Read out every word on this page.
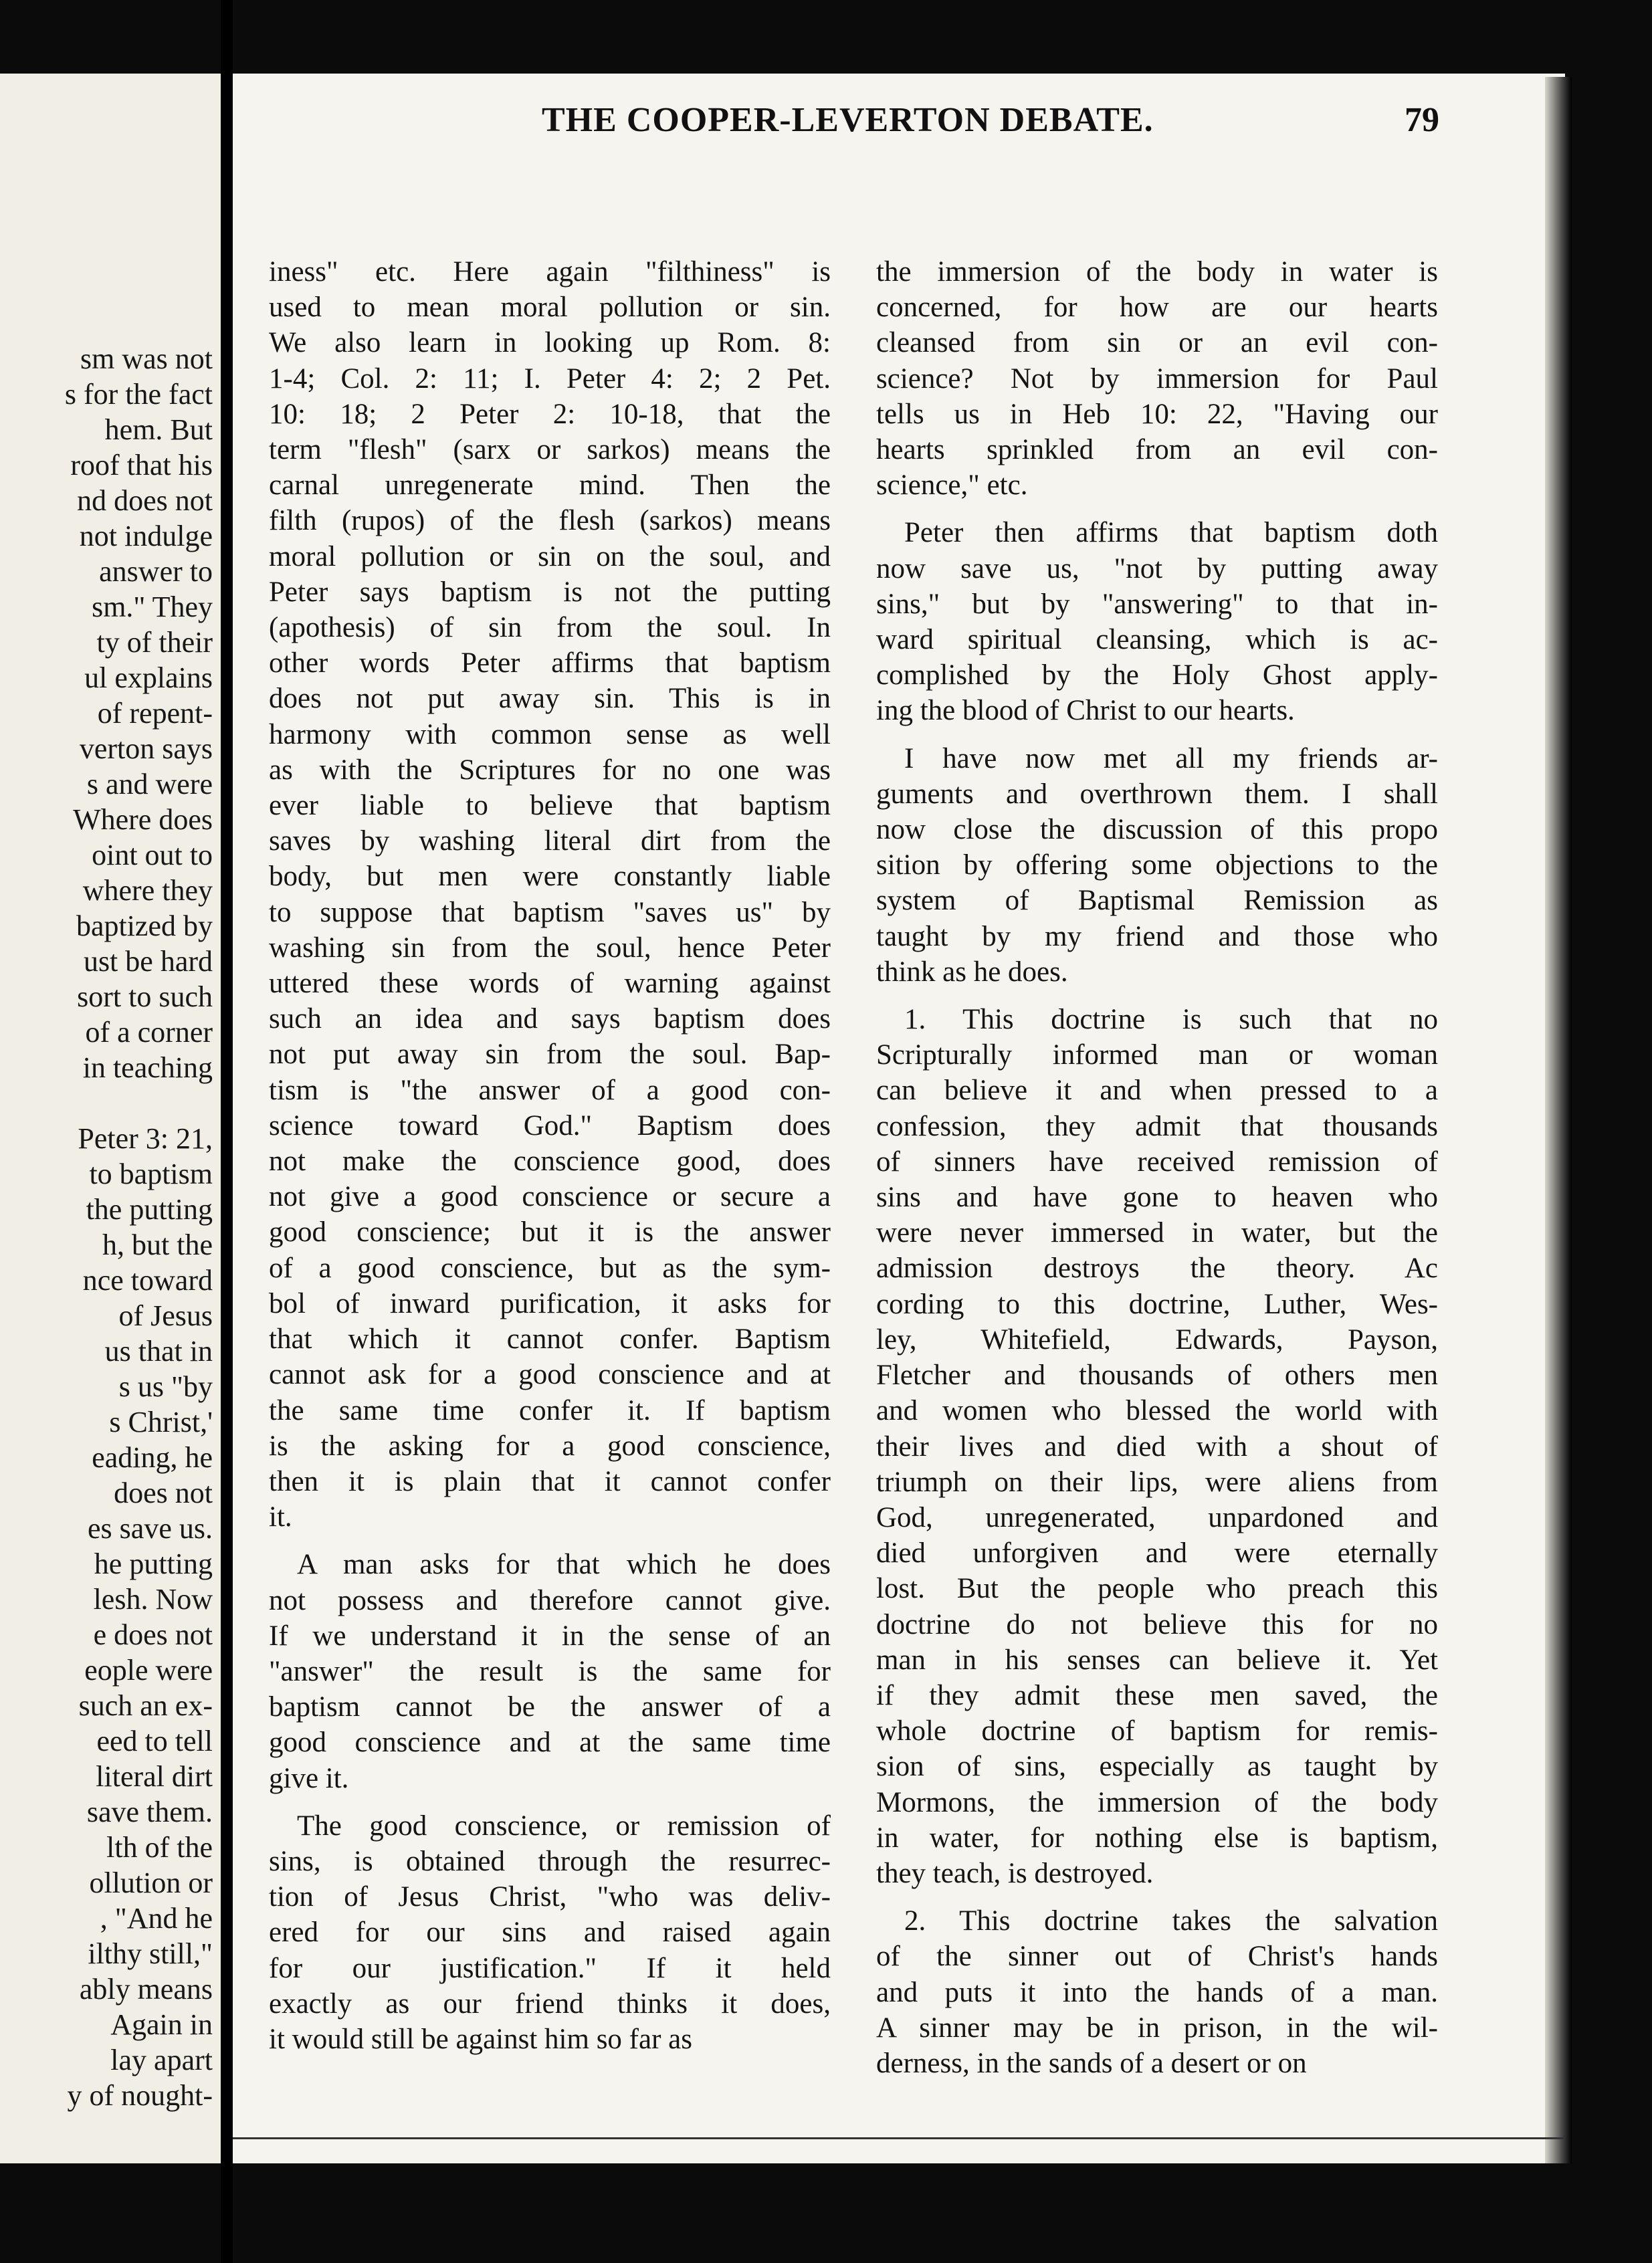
sm was not
s for the fact
hem. But
roof that his
nd does not
not indulge
answer to
sm." They
ty of their
ul explains
of repent-
verton says
s and were
Where does
oint out to
where they
baptized by
ust be hard
sort to such
of a corner
in teaching
Peter 3: 21,
to baptism
the putting
h, but the
nce toward
of Jesus
us that in
s us "by
s Christ,'
eading, he
does not
es save us.
he putting
lesh. Now
e does not
eople were
such an ex-
eed to tell
literal dirt
save them.
lth of the
ollution or
, "And he
ilthy still,"
ably means
Again in
lay apart
y of nought-
THE COOPER-LEVERTON DEBATE.	79

iness" etc. Here again "filthiness" is
used to mean moral pollution or sin.
We also learn in looking up Rom. 8:
1-4; Col. 2: 11; I. Peter 4: 2; 2 Pet.
10: 18; 2 Peter 2: 10-18, that the
term "flesh" (sarx or sarkos) means the
carnal unregenerate mind. Then the
filth (rupos) of the flesh (sarkos) means
moral pollution or sin on the soul, and
Peter says baptism is not the putting
(apothesis) of sin from the soul. In
other words Peter affirms that baptism
does not put away sin. This is in
harmony with common sense as well
as with the Scriptures for no one was
ever liable to believe that baptism
saves by washing literal dirt from the
body, but men were constantly liable
to suppose that baptism "saves us" by
washing sin from the soul, hence Peter
uttered these words of warning against
such an idea and says baptism does
not put away sin from the soul. Bap-
tism is "the answer of a good con-
science toward God." Baptism does
not make the conscience good, does
not give a good conscience or secure a
good conscience; but it is the answer
of a good conscience, but as the sym-
bol of inward purification, it asks for
that which it cannot confer. Baptism
cannot ask for a good conscience and at
the same time confer it. If baptism
is the asking for a good conscience,
then it is plain that it cannot confer
it.

A man asks for that which he does
not possess and therefore cannot give.
If we understand it in the sense of an
"answer" the result is the same for
baptism cannot be the answer of a
good conscience and at the same time
give it.

The good conscience, or remission of
sins, is obtained through the resurrec-
tion of Jesus Christ, "who was deliv-
ered for our sins and raised again
for our justification." If it held
exactly as our friend thinks it does,
it would still be against him so far as

the immersion of the body in water is
concerned, for how are our hearts
cleansed from sin or an evil con-
science? Not by immersion for Paul
tells us in Heb 10: 22, "Having our
hearts sprinkled from an evil con-
science," etc.

Peter then affirms that baptism doth
now save us, "not by putting away
sins," but by "answering" to that in-
ward spiritual cleansing, which is ac-
complished by the Holy Ghost apply-
ing the blood of Christ to our hearts.

I have now met all my friends ar-
guments and overthrown them. I shall
now close the discussion of this propo
sition by offering some objections to the
system of Baptismal Remission as
taught by my friend and those who
think as he does.

1. This doctrine is such that no
Scripturally informed man or woman
can believe it and when pressed to a
confession, they admit that thousands
of sinners have received remission of
sins and have gone to heaven who
were never immersed in water, but the
admission destroys the theory. Ac
cording to this doctrine, Luther, Wes-
ley, Whitefield, Edwards, Payson,
Fletcher and thousands of others men
and women who blessed the world with
their lives and died with a shout of
triumph on their lips, were aliens from
God, unregenerated, unpardoned and
died unforgiven and were eternally
lost. But the people who preach this
doctrine do not believe this for no
man in his senses can believe it. Yet
if they admit these men saved, the
whole doctrine of baptism for remis-
sion of sins, especially as taught by
Mormons, the immersion of the body
in water, for nothing else is baptism,
they teach, is destroyed.

2. This doctrine takes the salvation
of the sinner out of Christ's hands
and puts it into the hands of a man.
A sinner may be in prison, in the wil-
derness, in the sands of a desert or on
